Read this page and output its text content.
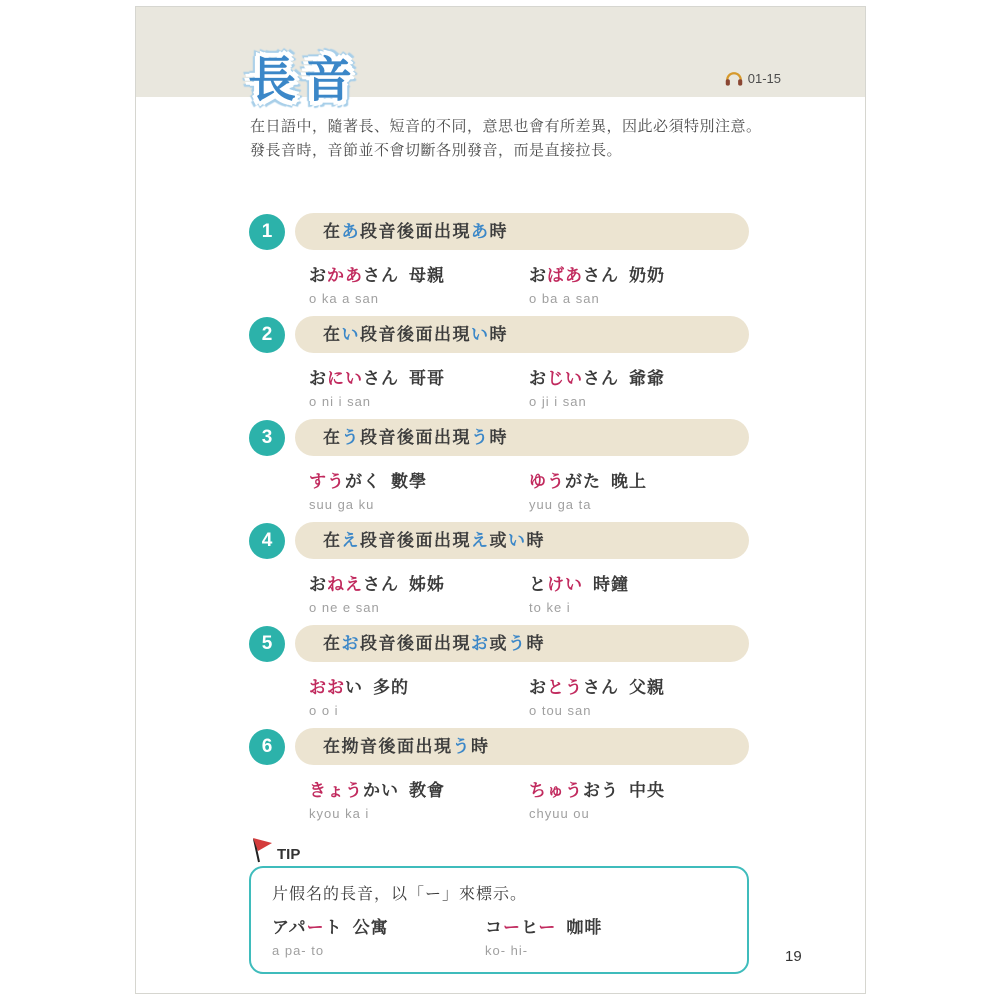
長音	01-15
在日語中，隨著長、短音的不同，意思也會有所差異，因此必須特別注意。
發長音時，音節並不會切斷各別發音，而是直接拉長。
1	在あ段音後面出現あ時
おかあさん 母親
o ka a san
おばあさん 奶奶
o ba a san
2	在い段音後面出現い時
おにいさん 哥哥
o ni i san
おじいさん 爺爺
o ji i san
3	在う段音後面出現う時
すうがく 數學
suu ga ku
ゆうがた 晚上
yuu ga ta
4	在え段音後面出現え或い時
おねえさん 姊姊
o ne e san
とけい 時鐘
to ke i
5	在お段音後面出現お或う時
おおい 多的
o o i
おとうさん 父親
o tou san
6	在拗音後面出現う時
きょうかい 教會
kyou ka i
ちゅうおう 中央
chyuu ou
TIP
片假名的長音，以「ー」來標示。
アパート 公寓
a pa- to
コーヒー 咖啡
ko- hi-	19
